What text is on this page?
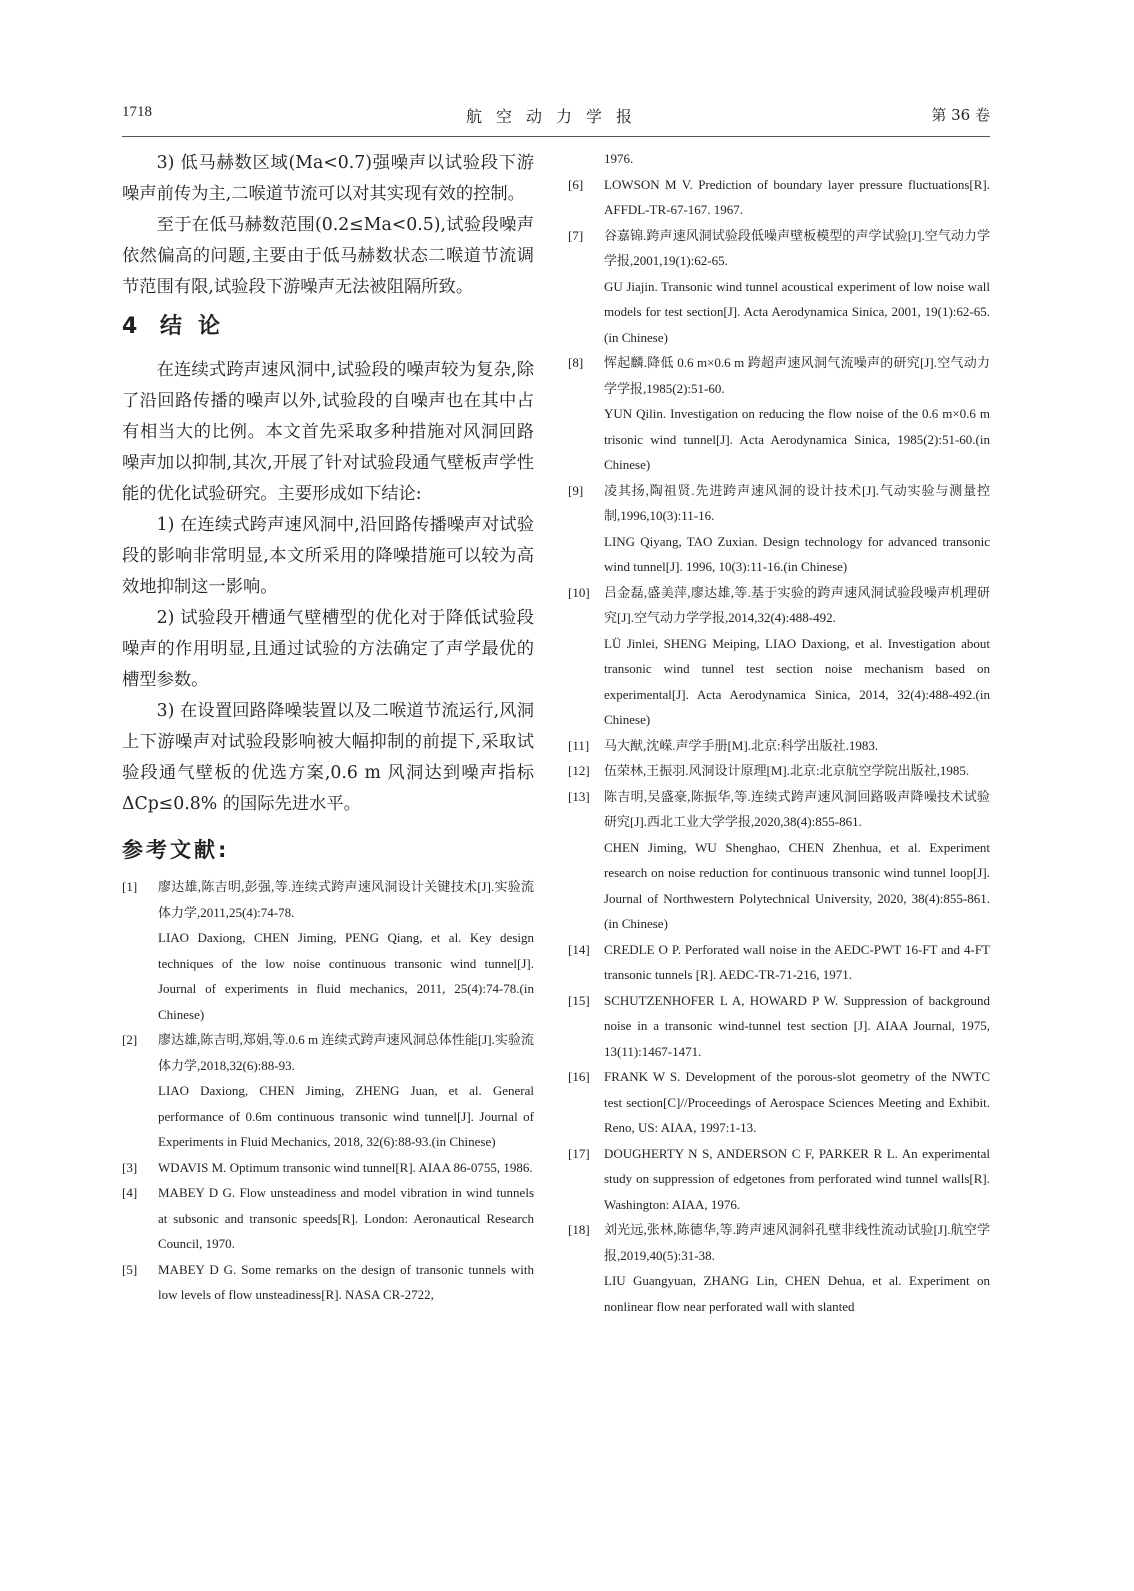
1718	航空动力学报	第 36 卷

3) 低马赫数区域(Ma<0.7)强噪声以试验段下游噪声前传为主,二喉道节流可以对其实现有效的控制。

至于在低马赫数范围(0.2≤Ma<0.5),试验段噪声依然偏高的问题,主要由于低马赫数状态二喉道节流调节范围有限,试验段下游噪声无法被阻隔所致。

4 结论

在连续式跨声速风洞中,试验段的噪声较为复杂,除了沿回路传播的噪声以外,试验段的自噪声也在其中占有相当大的比例。本文首先采取多种措施对风洞回路噪声加以抑制,其次,开展了针对试验段通气壁板声学性能的优化试验研究。主要形成如下结论:

1) 在连续式跨声速风洞中,沿回路传播噪声对试验段的影响非常明显,本文所采用的降噪措施可以较为高效地抑制这一影响。

2) 试验段开槽通气壁槽型的优化对于降低试验段噪声的作用明显,且通过试验的方法确定了声学最优的槽型参数。

3) 在设置回路降噪装置以及二喉道节流运行,风洞上下游噪声对试验段影响被大幅抑制的前提下,采取试验段通气壁板的优选方案,0.6 m 风洞达到噪声指标 ΔCp≤0.8% 的国际先进水平。

参考文献:

[1]	廖达雄,陈吉明,彭强,等.连续式跨声速风洞设计关键技术[J].实验流体力学,2011,25(4):74-78.
LIAO Daxiong, CHEN Jiming, PENG Qiang, et al. Key design techniques of the low noise continuous transonic wind tunnel[J]. Journal of experiments in fluid mechanics, 2011, 25(4):74-78.(in Chinese)

[2]	廖达雄,陈吉明,郑娟,等.0.6 m 连续式跨声速风洞总体性能[J].实验流体力学,2018,32(6):88-93.
LIAO Daxiong, CHEN Jiming, ZHENG Juan, et al. General performance of 0.6m continuous transonic wind tunnel[J]. Journal of Experiments in Fluid Mechanics, 2018, 32(6):88-93.(in Chinese)

[3]	WDAVIS M. Optimum transonic wind tunnel[R]. AIAA 86-0755, 1986.

[4]	MABEY D G. Flow unsteadiness and model vibration in wind tunnels at subsonic and transonic speeds[R]. London: Aeronautical Research Council, 1970.

[5]	MABEY D G. Some remarks on the design of transonic tunnels with low levels of flow unsteadiness[R]. NASA CR-2722,

1976.

[6]	LOWSON M V. Prediction of boundary layer pressure fluctuations[R]. AFFDL-TR-67-167. 1967.

[7]	谷嘉锦.跨声速风洞试验段低噪声壁板模型的声学试验[J].空气动力学学报,2001,19(1):62-65.
GU Jiajin. Transonic wind tunnel acoustical experiment of low noise wall models for test section[J]. Acta Aerodynamica Sinica, 2001, 19(1):62-65.(in Chinese)

[8]	恽起麟.降低 0.6 m×0.6 m 跨超声速风洞气流噪声的研究[J].空气动力学学报,1985(2):51-60.
YUN Qilin. Investigation on reducing the flow noise of the 0.6 m×0.6 m trisonic wind tunnel[J]. Acta Aerodynamica Sinica, 1985(2):51-60.(in Chinese)

[9]	凌其扬,陶祖贤.先进跨声速风洞的设计技术[J].气动实验与测量控制,1996,10(3):11-16.
LING Qiyang, TAO Zuxian. Design technology for advanced transonic wind tunnel[J]. 1996, 10(3):11-16.(in Chinese)

[10]	吕金磊,盛美萍,廖达雄,等.基于实验的跨声速风洞试验段噪声机理研究[J].空气动力学学报,2014,32(4):488-492.
LÜ Jinlei, SHENG Meiping, LIAO Daxiong, et al. Investigation about transonic wind tunnel test section noise mechanism based on experimental[J]. Acta Aerodynamica Sinica, 2014, 32(4):488-492.(in Chinese)

[11]	马大猷,沈嵘.声学手册[M].北京:科学出版社.1983.

[12]	伍荣林,王振羽.风洞设计原理[M].北京:北京航空学院出版社,1985.

[13]	陈吉明,吴盛豪,陈振华,等.连续式跨声速风洞回路吸声降噪技术试验研究[J].西北工业大学学报,2020,38(4):855-861.
CHEN Jiming, WU Shenghao, CHEN Zhenhua, et al. Experiment research on noise reduction for continuous transonic wind tunnel loop[J]. Journal of Northwestern Polytechnical University, 2020, 38(4):855-861.(in Chinese)

[14]	CREDLE O P. Perforated wall noise in the AEDC-PWT 16-FT and 4-FT transonic tunnels [R]. AEDC-TR-71-216, 1971.

[15]	SCHUTZENHOFER L A, HOWARD P W. Suppression of background noise in a transonic wind-tunnel test section [J]. AIAA Journal, 1975, 13(11):1467-1471.

[16]	FRANK W S. Development of the porous-slot geometry of the NWTC test section[C]//Proceedings of Aerospace Sciences Meeting and Exhibit. Reno, US: AIAA, 1997:1-13.

[17]	DOUGHERTY N S, ANDERSON C F, PARKER R L. An experimental study on suppression of edgetones from perforated wind tunnel walls[R]. Washington: AIAA, 1976.

[18]	刘光远,张林,陈德华,等.跨声速风洞斜孔壁非线性流动试验[J].航空学报,2019,40(5):31-38.
LIU Guangyuan, ZHANG Lin, CHEN Dehua, et al. Experiment on nonlinear flow near perforated wall with slanted
